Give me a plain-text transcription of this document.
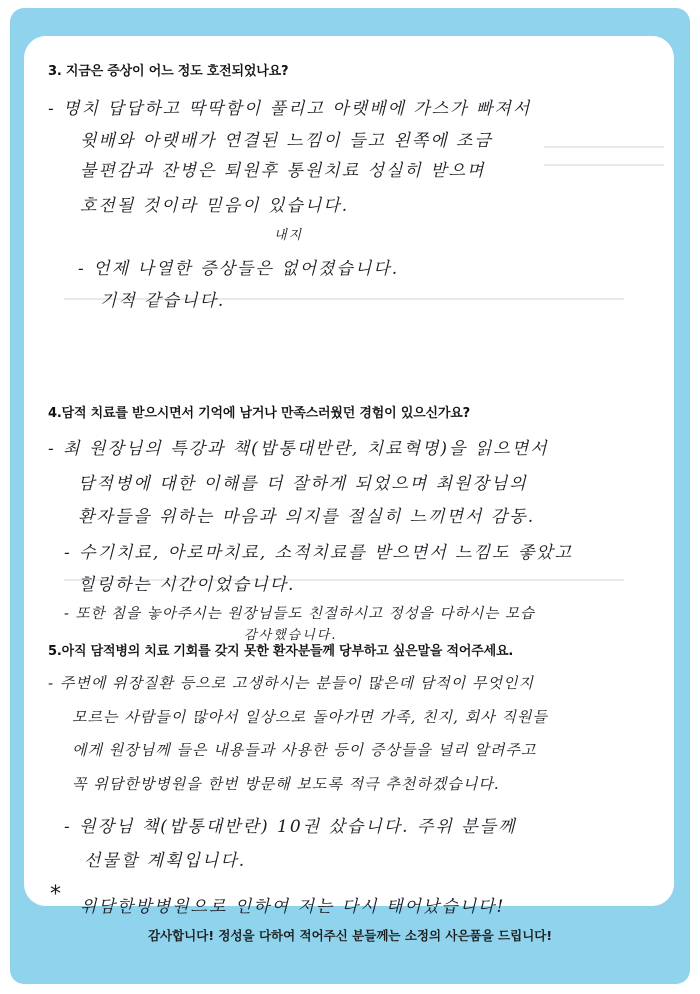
3. 지금은 증상이 어느 정도 호전되었나요?
- 명치 답답하고 딱딱함이 풀리고 아랫배에 가스가 빠져서
윗배와 아랫배가 연결된 느낌이 들고 왼쪽에 조금
불편감과 잔병은 퇴원후 통원치료 성실히 받으며
호전될 것이라 믿음이 있습니다.
내지
- 언제 나열한 증상들은 없어졌습니다.
기적 같습니다.
4.담적 치료를 받으시면서 기억에 남거나 만족스러웠던 경험이 있으신가요?
- 최 원장님의 특강과 책(밥통대반란, 치료혁명)을 읽으면서
담적병에 대한 이해를 더 잘하게 되었으며 최원장님의
환자들을 위하는 마음과 의지를 절실히 느끼면서 감동.
- 수기치료, 아로마치료, 소적치료를 받으면서 느낌도 좋았고
힐링하는 시간이었습니다.
- 또한 침을 놓아주시는 원장님들도 친절하시고 정성을 다하시는 모습
감사했습니다.
5.아직 담적병의 치료 기회를 갖지 못한 환자분들께 당부하고 싶은말을 적어주세요.
- 주변에 위장질환 등으로 고생하시는 분들이 많은데 담적이 무엇인지
모르는 사람들이 많아서 일상으로 돌아가면 가족, 친지, 회사 직원들
에게 원장님께 들은 내용들과 사용한 등이 증상들을 널리 알려주고
꼭 위담한방병원을 한번 방문해 보도록 적극 추천하겠습니다.
- 원장님 책(밥통대반란) 10권 샀습니다. 주위 분들께
선물할 계획입니다.
* 위담한방병원으로 인하여 저는 다시 태어났습니다!
감사합니다! 정성을 다하여 적어주신 분들께는 소정의 사은품을 드립니다!
